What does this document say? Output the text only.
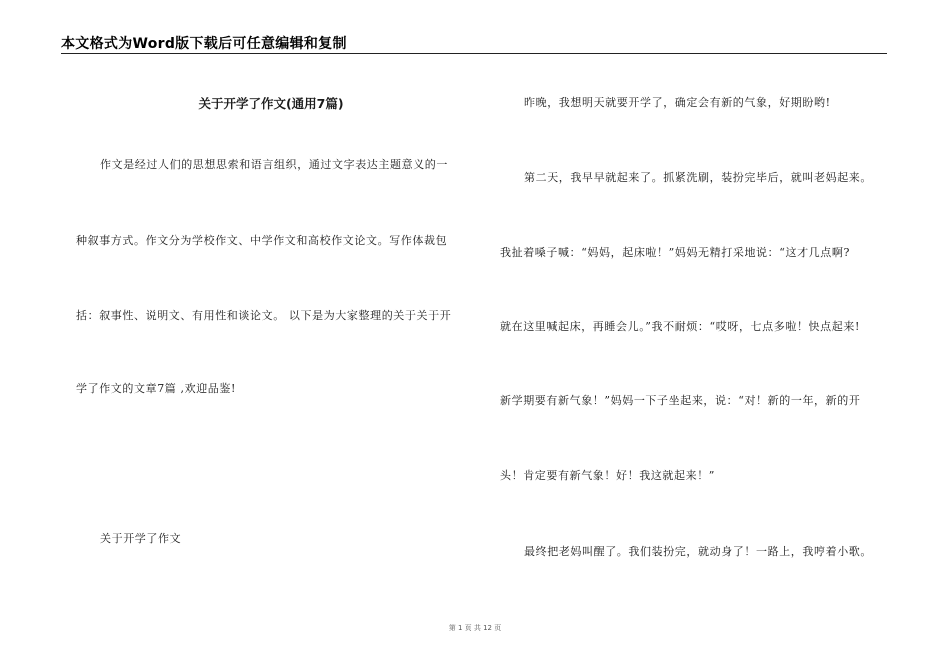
本文格式为Word版下载后可任意编辑和复制
关于开学了作文(通用7篇)
作文是经过人们的思想思索和语言组织，通过文字表达主题意义的一
种叙事方式。作文分为学校作文、中学作文和高校作文论文。写作体裁包
括：叙事性、说明文、有用性和谈论文。 以下是为大家整理的关于关于开
学了作文的文章7篇 ,欢迎品鉴!
关于开学了作文
昨晚，我想明天就要开学了，确定会有新的气象，好期盼哟!
第二天，我早早就起来了。抓紧洗刷，装扮完毕后，就叫老妈起来。
我扯着嗓子喊：“妈妈，起床啦！”妈妈无精打采地说：“这才几点啊?
就在这里喊起床，再睡会儿。”我不耐烦：“哎呀，七点多啦！快点起来!
新学期要有新气象！”妈妈一下子坐起来，说：“对！新的一年，新的开
头！肯定要有新气象！好！我这就起来！”
最终把老妈叫醒了。我们装扮完，就动身了！一路上，我哼着小歌。
第 1 页 共 12 页
